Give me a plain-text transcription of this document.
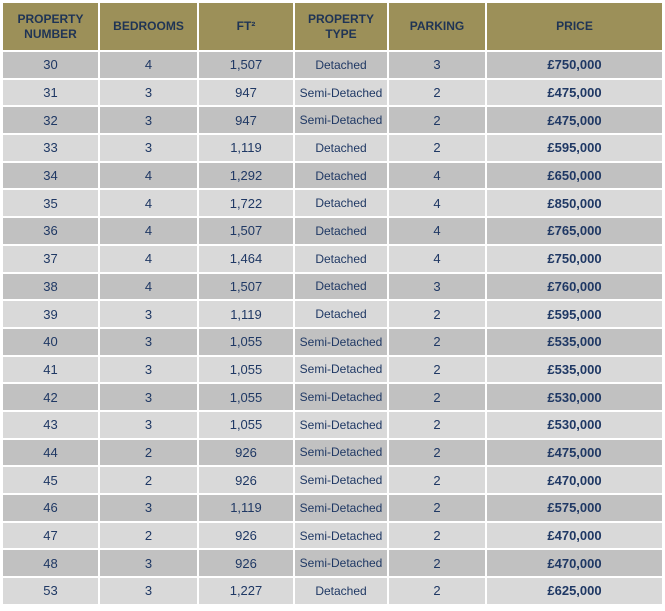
PROPERTY NUMBER	BEDROOMS	FT²	PROPERTY TYPE	PARKING	PRICE
30	4	1,507	Detached	3	£750,000
31	3	947	Semi-Detached	2	£475,000
32	3	947	Semi-Detached	2	£475,000
33	3	1,119	Detached	2	£595,000
34	4	1,292	Detached	4	£650,000
35	4	1,722	Detached	4	£850,000
36	4	1,507	Detached	4	£765,000
37	4	1,464	Detached	4	£750,000
38	4	1,507	Detached	3	£760,000
39	3	1,119	Detached	2	£595,000
40	3	1,055	Semi-Detached	2	£535,000
41	3	1,055	Semi-Detached	2	£535,000
42	3	1,055	Semi-Detached	2	£530,000
43	3	1,055	Semi-Detached	2	£530,000
44	2	926	Semi-Detached	2	£475,000
45	2	926	Semi-Detached	2	£470,000
46	3	1,119	Semi-Detached	2	£575,000
47	2	926	Semi-Detached	2	£470,000
48	3	926	Semi-Detached	2	£470,000
53	3	1,227	Detached	2	£625,000
